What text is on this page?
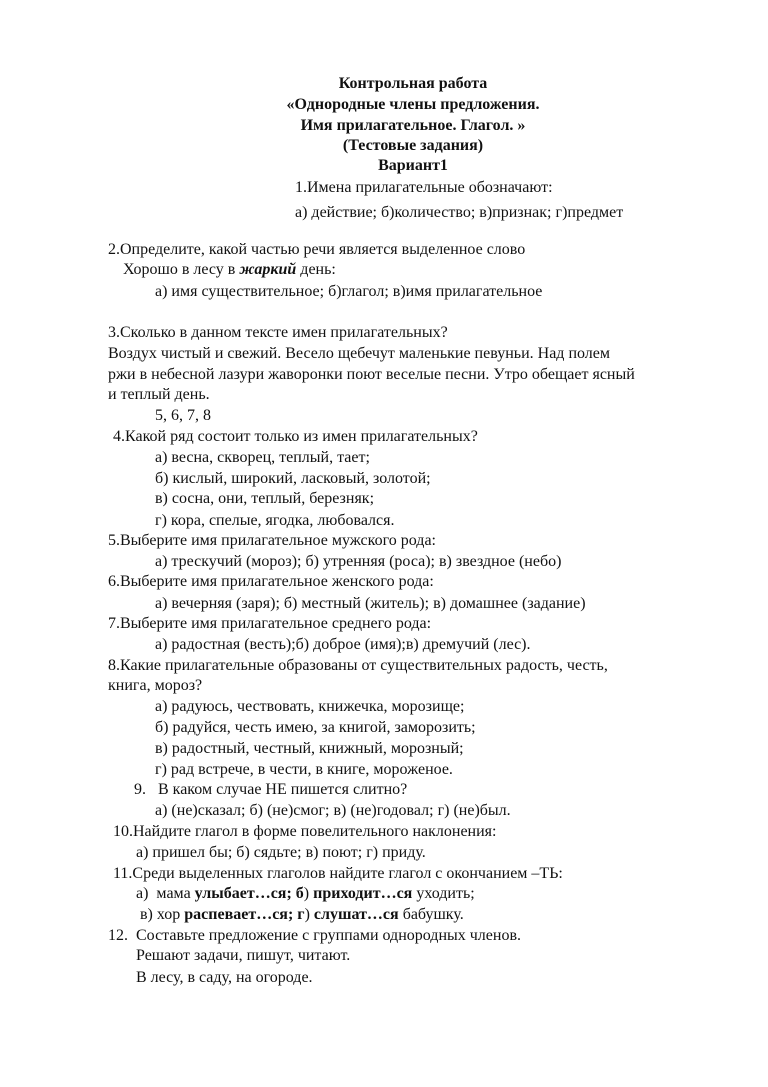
Контрольная работа
«Однородные члены предложения.
Имя прилагательное. Глагол. »
(Тестовые задания)
Вариант1
1.Имена прилагательные обозначают:
а) действие; б)количество; в)признак; г)предмет
2.Определите, какой частью речи является выделенное слово
Хорошо в лесу в жаркий день:
а) имя существительное; б)глагол; в)имя прилагательное
3.Сколько в данном тексте имен прилагательных?
Воздух чистый и свежий. Весело щебечут маленькие певуньи. Над полем
ржи в небесной лазури жаворонки поют веселые песни. Утро обещает ясный
и теплый день.
5, 6, 7, 8
4.Какой ряд состоит только из имен прилагательных?
а) весна, скворец, теплый, тает;
б) кислый, широкий, ласковый, золотой;
в) сосна, они, теплый, березняк;
г) кора, спелые, ягодка, любовался.
5.Выберите имя прилагательное мужского рода:
а) трескучий (мороз); б) утренняя (роса); в) звездное (небо)
6.Выберите имя прилагательное женского рода:
а) вечерняя (заря); б) местный (житель); в) домашнее (задание)
7.Выберите имя прилагательное среднего рода:
а) радостная (весть);б) доброе (имя);в) дремучий (лес).
8.Какие прилагательные образованы от существительных радость, честь,
книга, мороз?
а) радуюсь, чествовать, книжечка, морозище;
б) радуйся, честь имею, за книгой, заморозить;
в) радостный, честный, книжный, морозный;
г) рад встрече, в чести, в книге, мороженое.
9.   В каком случае НЕ пишется слитно?
а) (не)сказал; б) (не)смог; в) (не)годовал; г) (не)был.
10.Найдите глагол в форме повелительного наклонения:
а) пришел бы; б) сядьте; в) поют; г) приду.
11.Среди выделенных глаголов найдите глагол с окончанием –ТЬ:
а)  мама улыбает…ся; б) приходит…ся уходить;
в) хор распевает…ся; г) слушат…ся бабушку.
12.  Составьте предложение с группами однородных членов.
Решают задачи, пишут, читают.
В лесу, в саду, на огороде.
